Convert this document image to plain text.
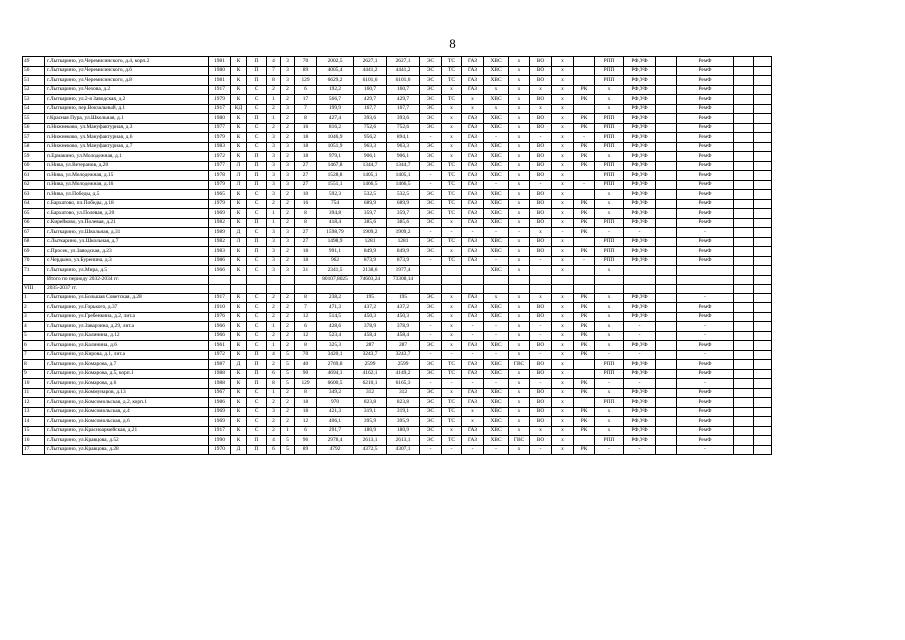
8
49	г.Лыткарино, ул.Черемисинского, д.4, корп.2	1981	К	П	4	3	70	2002,5	2627,1	2627,1	ЭС	ТС	ГАЗ	ХВС	х	ВО	х		РПП	РФ,УФ		РемФ		
50	г.Лыткарино, ул.Черемисинского, д.6	1980	К	П	7	3	89	4005,4	4441,2	4441,2	ЭС	ТС	ГАЗ	ХВС	х	ВО	х		РПП	РФ,УФ		РемФ		
51	г.Лыткарино, ул.Черемисинского, д.8	1981	К	П	8	3	129	6629,2	6101,6	6101,6	ЭС	ТС	ГАЗ	ХВС	х	ВО	х		РПП	РФ,УФ		РемФ		
52	г.Лыткарино, ул.Чехова, д.2	1917	К	С	2	2	6	192,2	160,7	160,7	ЭС	х	ГАЗ	х	х	х	х	РК	х	РФ,УФ		РемФ		
53	г.Лыткарино, ул.2-я Заводская, д.2	1979	К	С	1	2	17	566,7	429,7	429,7	ЭС	ТС	х	ХВС	х	ВО	х	РК	х	РФ,УФ		РемФ		
54	г.Лыткарино, пер.Вокзальный, д.1	1917	КД	С	2	3	7	199,9	167,7	167,7	ЭС	х	х	х	х	х	х		х	РФ,УФ		РемФ		
55	г.Красная Пура, ул.Школьная, д.1	1980	К	П	1	2	8	427,4	393,6	393,6	ЭС	х	ГАЗ	ХВС	х	ВО	х	РК	РПП	РФ,УФ		РемФ		
56	п.Нижнеково, ул.Мануфактурная, д.3	1977	К	С	2	2	16	816,2	752,6	752,6	ЭС	х	ГАЗ	ХВС	х	ВО	х	РК	РПП	РФ,УФ		РемФ		
57	п.Нижнеково, ул.Мануфактурная, д.6	1979	К	С	3	2	18	1046,9	956,2	894,1	-	х	ГАЗ	-	х	-	х	-	РПП	РФ,УФ		РемФ		
58	п.Нижнеково, ул.Мануфактурная, д.7	1983	К	С	3	3	18	1051,9	963,3	963,3	ЭС	х	ГАЗ	ХВС	х	ВО	х	РК	РПП	РФ,УФ		РемФ		
59	п.Ермакино, ул.Молодежная, д.1	1972	К	П	3	2	18	979,1	906,1	906,1	ЭС	х	ГАЗ	ХВС	х	ВО	х	РК	х	РФ,УФ		РемФ		
60	п.Нива, ул.Ветеранов, д.20	1977	Л	П	3	3	27	1467,8	1344,7	1344,7	ЭС	ТС	ГАЗ	ХВС	х	ВО	х	РК	РПП	РФ,УФ		РемФ		
61	п.Нива, ул.Молодежная, д.15	1978	Л	П	3	3	27	1528,8	1405,1	1405,1	-	ТС	ГАЗ	ХВС	х	ВО	х		РПП	РФ,УФ		РемФ		
62	п.Нива, ул.Молодежная, д.16	1979	Л	П	3	3	27	1551,1	1466,5	1466,5	-	ТС	ГАЗ	-	х	-	х	-	РПП	РФ,УФ		РемФ		
63	п.Нива, ул.Победы, д.5	1965	К	С	3	2	10	592,3	532,5	532,5	ЭС	ТС	ГАЗ	ХВС	х	ВО	х		х	РФ,УФ		РемФ		
64	с.Бархатово, пл.Победы, д.18	1979	К	С	2	2	16	754	689,9	689,9	ЭС	ТС	ГАЗ	ХВС	х	ВО	х	РК	х	РФ,УФ		РемФ		
65	с.Бархатово, ул.Полевая, д.20	1969	К	С	1	2	8	394,8	359,7	359,7	ЭС	ТС	ГАЗ	ХВС	х	ВО	х	РК	х	РФ,УФ		РемФ		
66	с.Кирейково, ул.Полевая, д.21	1982	К	П	1	2	8	418,4	385,6	385,6	ЭС	х	ГАЗ	ХВС	х	ВО	х	РК	РПП	РФ,УФ		РемФ		
67	г.Лыткарино, ул.Школьная, д.31	1989	Д	С	3	3	27	1598,79	1909,2	1909,2	-	-	-	-	-	х	-	РК	-	-		-		
68	с.Лыткарино, ул.Школьная, д.7	1982	Л	П	3	3	27	1498,9	1281	1281	ЭС	ТС	ГАЗ	ХВС	х	ВО	х		РПП	РФ,УФ		РемФ		
69	с.Просек, ул.Заводская, д.23	1983	К	П	3	2	18	991,1	849,9	849,9	ЭС	х	ГАЗ	ХВС	х	ВО	х	РК	РПП	РФ,УФ		РемФ		
70	с.Чердыно, ул.Буренина, д.3	1986	К	С	3	2	18	962	873,9	873,9	-	ТС	ГАЗ	-	х	-	х	-	РПП	РФ,УФ		РемФ		
71	г.Лыткарино, ул.Мира, д.5	1966	К	С	3	3	31	2341,5	2138,6	1977,4				ХВС	х		х		х					
	Итого по периоду 2032-2034 гг.							80107,8025	74603,24	73308,14														
VIII	2035-2037 гг.																							
1	г.Лыткарино, ул.Большая Советская, д.28	1917	К	С	2	2	8	238,2	195	195	ЭС	х	ГАЗ	х	х	х	х	РК	х	РФ,УФ		-		
2	г.Лыткарино, ул.Горького, д.37	1910	К	С	2	2	7	471,3	437,2	437,2	ЭС	х	ГАЗ	ХВС	х	ВО	х	РК	х	РФ,УФ		РемФ		
3	г.Лыткарино, ул.Гребенкина, д.2, лит.а	1976	К	С	2	2	12	514,5	450,3	450,3	ЭС	х	ГАЗ	ХВС	х	ВО	х	РК	х	РФ,УФ		РемФ		
4	г.Лыткарино, ул.Заварзина, д.29, лит.а	1966	К	С	1	2	6	428,6	378,9	378,9	-	х	-	-	х	-	х	РК	х	-		-		
5	г.Лыткарино, ул.Калинина, д.12	1966	К	С	2	2	12	523,4	458,4	458,4	-	х	-	-	х	-	х	РК	х	-		-		
6	г.Лыткарино, ул.Калинина, д.6	1961	К	С	1	2	8	325,3	287	287	ЭС	х	ГАЗ	ХВС	х	ВО	х	РК	х	РФ,УФ		РемФ		
7	г.Лыткарино, ул.Кирова, д.1, лит.а	1972	К	П	4	5	70	3420,1	3243,7	3243,7	-	-	-	-	х	-	х	РК	-	-		-		
8	г.Лыткарино, ул.Комарова, д.7	1987	Д	П	2	5	40	2769,8	2599	2599	ЭС	ТС	ГАЗ	ХВС	ГВС	ВО	х		РПП	РФ,УФ		РемФ		
9	г.Лыткарино, ул.Комарова, д.5, корп.1	1988	К	П	6	5	90	4694,1	4162,1	4149,2	ЭС	ТС	ГАЗ	ХВС	х	ВО	х		РПП	РФ,УФ		РемФ		
10	г.Лыткарино, ул.Комарова, д.6	1988	К	П	8	5	129	6600,5	6210,1	6165,3	-	-	-	-	х	-	х	РК	-	-		-		
11	г.Лыткарино, ул.Коммунаров, д.13	1967	К	С	1	2	8	349,2	312	312	ЭС	х	ГАЗ	ХВС	х	ВО	х	РК	х	РФ,УФ		РемФ		
12	г.Лыткарино, ул.Комсомольская, д.2, корп.1	1986	К	С	2	2	18	970	823,8	823,8	ЭС	ТС	ГАЗ	ХВС	х	ВО	х		РПП	РФ,УФ		РемФ		
13	г.Лыткарино, ул.Комсомольская, д.4	1969	К	С	3	2	18	421,3	319,1	319,1	ЭС	ТС	х	ХВС	х	ВО	х	РК	х	РФ,УФ		РемФ		
14	г.Лыткарино, ул.Комсомольская, д.6	1969	К	С	2	2	12	406,1	395,9	395,9	ЭС	ТС	х	ХВС	х	ВО	х	РК	х	РФ,УФ		РемФ		
15	г.Лыткарино, ул.Красноармейская, д.21	1917	К	С	2	1	6	291,7	180,9	180,9	ЭС	х	ГАЗ	ХВС	х	х	х	РК	х	РФ,УФ		РемФ		
16	г.Лыткарино, ул.Кравцова, д.52	1990	К	П	4	5	96	2978,4	2613,1	2613,1	ЭС	ТС	ГАЗ	ХВС	ГВС	ВО	х		РПП	РФ,УФ		РемФ		
17	г.Лыткарино, ул.Кравцова, д.28	1970	Д	П	6	5	89	4792	4372,5	4307,1	-	-	-	-	х	-	х	РК	-	-		-		
